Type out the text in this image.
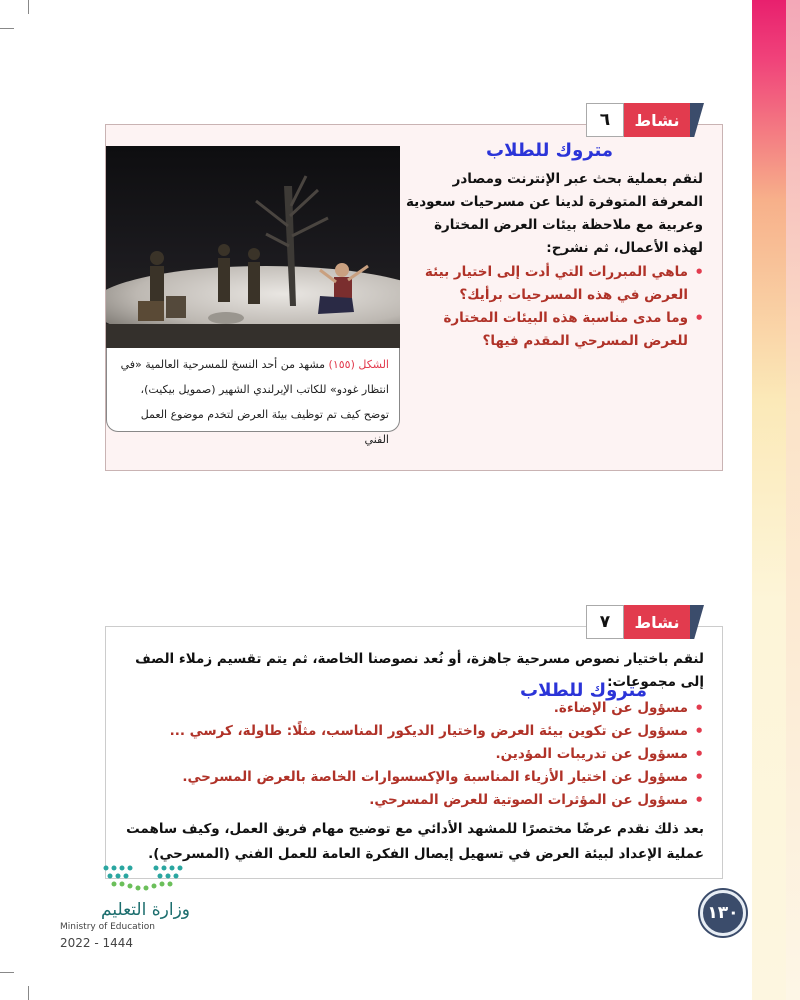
٦	نشاط
متروك للطلاب
لنقم بعملية بحث عبر الإنترنت ومصادر المعرفة المتوفرة لدينا عن مسرحيات سعودية وعربية مع ملاحظة بيئات العرض المختارة لهذه الأعمال، ثم نشرح:
• ماهي المبررات التي أدت إلى اختيار بيئة العرض في هذه المسرحيات برأيك؟
• وما مدى مناسبة هذه البيئات المختارة للعرض المسرحي المقدم فيها؟
الشكل (١٥٥) مشهد من أحد النسخ للمسرحية العالمية «في انتظار غودو» للكاتب الإيرلندي الشهير (صمويل بيكيت)، توضح كيف تم توظيف بيئة العرض لتخدم موضوع العمل الفني
٧	نشاط
لنقم باختيار نصوص مسرحية جاهزة، أو نُعد نصوصنا الخاصة، ثم يتم تقسيم زملاء الصف إلى مجموعات:
متروك للطلاب
• مسؤول عن الإضاءة.
• مسؤول عن تكوين بيئة العرض واختيار الديكور المناسب، مثلًا: طاولة، كرسي ...
• مسؤول عن تدريبات المؤدين.
• مسؤول عن اختيار الأزياء المناسبة والإكسسوارات الخاصة بالعرض المسرحي.
• مسؤول عن المؤثرات الصوتية للعرض المسرحي.
بعد ذلك نقدم عرضًا مختصرًا للمشهد الأدائي مع توضيح مهام فريق العمل، وكيف ساهمت عملية الإعداد لبيئة العرض في تسهيل إيصال الفكرة العامة للعمل الفني (المسرحي).
وزارة التعليم
Ministry of Education
2022 - 1444
١٣٠
